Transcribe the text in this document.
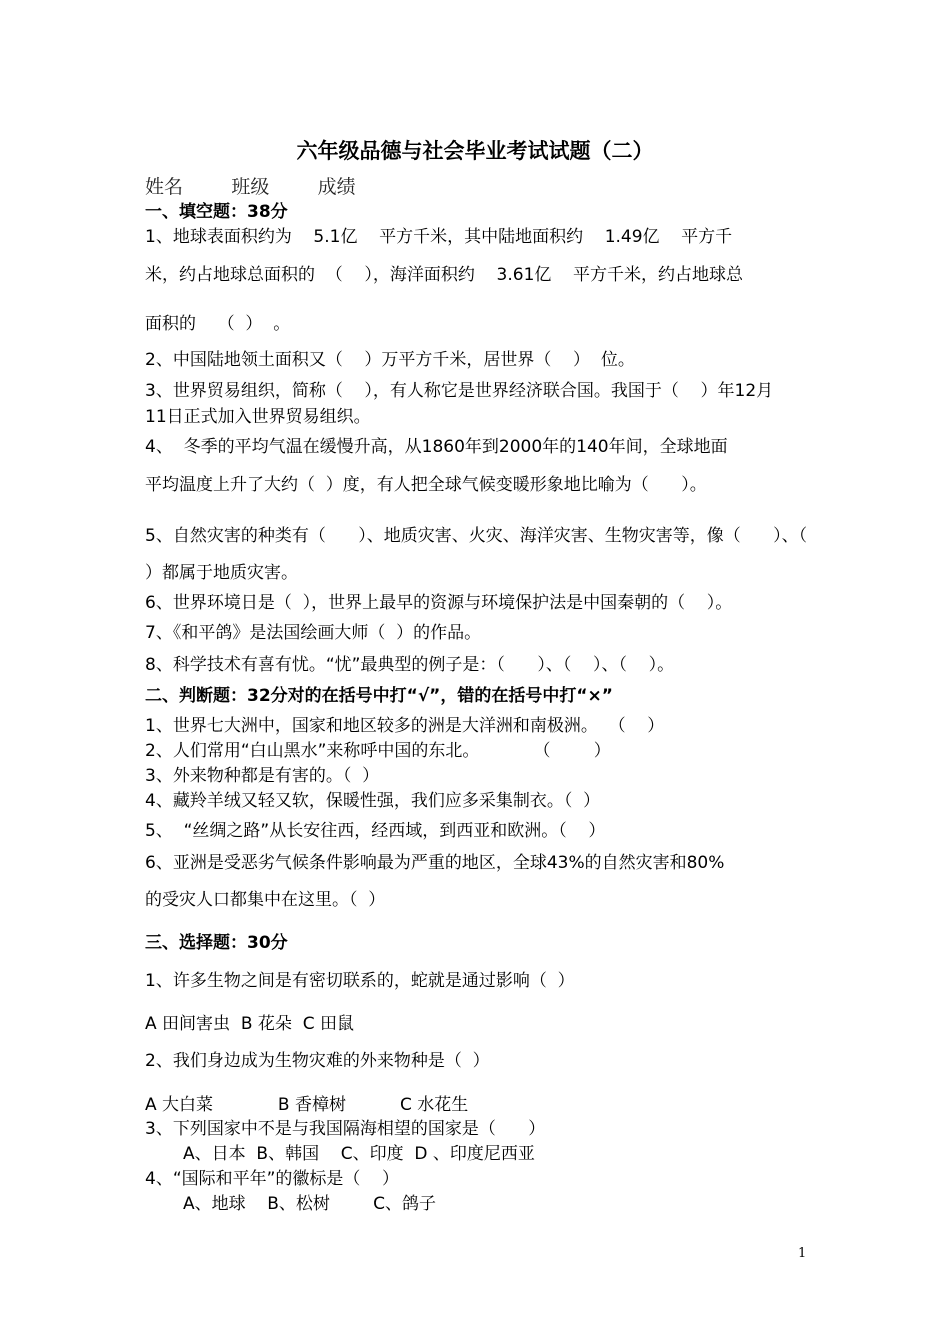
六年级品德与社会毕业考试试题（二）
姓名        班级        成绩
一、填空题：38分
1、地球表面积约为    5.1亿    平方千米，其中陆地面积约    1.49亿    平方千
米，约占地球总面积的  （    ），海洋面积约    3.61亿    平方千米，约占地球总
面积的    （  ）  。
2、中国陆地领土面积又（    ）万平方千米，居世界（    ）  位。
3、世界贸易组织，简称（    ），有人称它是世界经济联合国。我国于（    ）年12月
11日正式加入世界贸易组织。
4、  冬季的平均气温在缓慢升高，从1860年到2000年的140年间，全球地面
平均温度上升了大约（  ）度，有人把全球气候变暖形象地比喻为（      ）。
5、自然灾害的种类有（      ）、地质灾害、火灾、海洋灾害、生物灾害等，像（      ）、（
）都属于地质灾害。
6、世界环境日是（  ），世界上最早的资源与环境保护法是中国秦朝的（    ）。
7、《和平鸽》是法国绘画大师（  ）的作品。
8、科学技术有喜有忧。“忧”最典型的例子是：（      ）、（    ）、（    ）。
二、判断题：32分对的在括号中打“√”，错的在括号中打“×”
1、世界七大洲中，国家和地区较多的洲是大洋洲和南极洲。  （    ）
2、人们常用“白山黑水”来称呼中国的东北。          （        ）
3、外来物种都是有害的。（  ）
4、藏羚羊绒又轻又软，保暖性强，我们应多采集制衣。（  ）
5、  “丝绸之路”从长安往西，经西域，到西亚和欧洲。（    ）
6、亚洲是受恶劣气候条件影响最为严重的地区，全球43%的自然灾害和80%
的受灾人口都集中在这里。（  ）
三、选择题：30分
1、许多生物之间是有密切联系的，蛇就是通过影响（  ）
A 田间害虫  B 花朵  C 田鼠
2、我们身边成为生物灾难的外来物种是（  ）
A 大白菜            B 香樟树          C 水花生
3、下列国家中不是与我国隔海相望的国家是（      ）
A、日本  B、韩国    C、印度  D 、印度尼西亚
4、“国际和平年”的徽标是（    ）
A、地球    B、松树        C、鸽子
1
